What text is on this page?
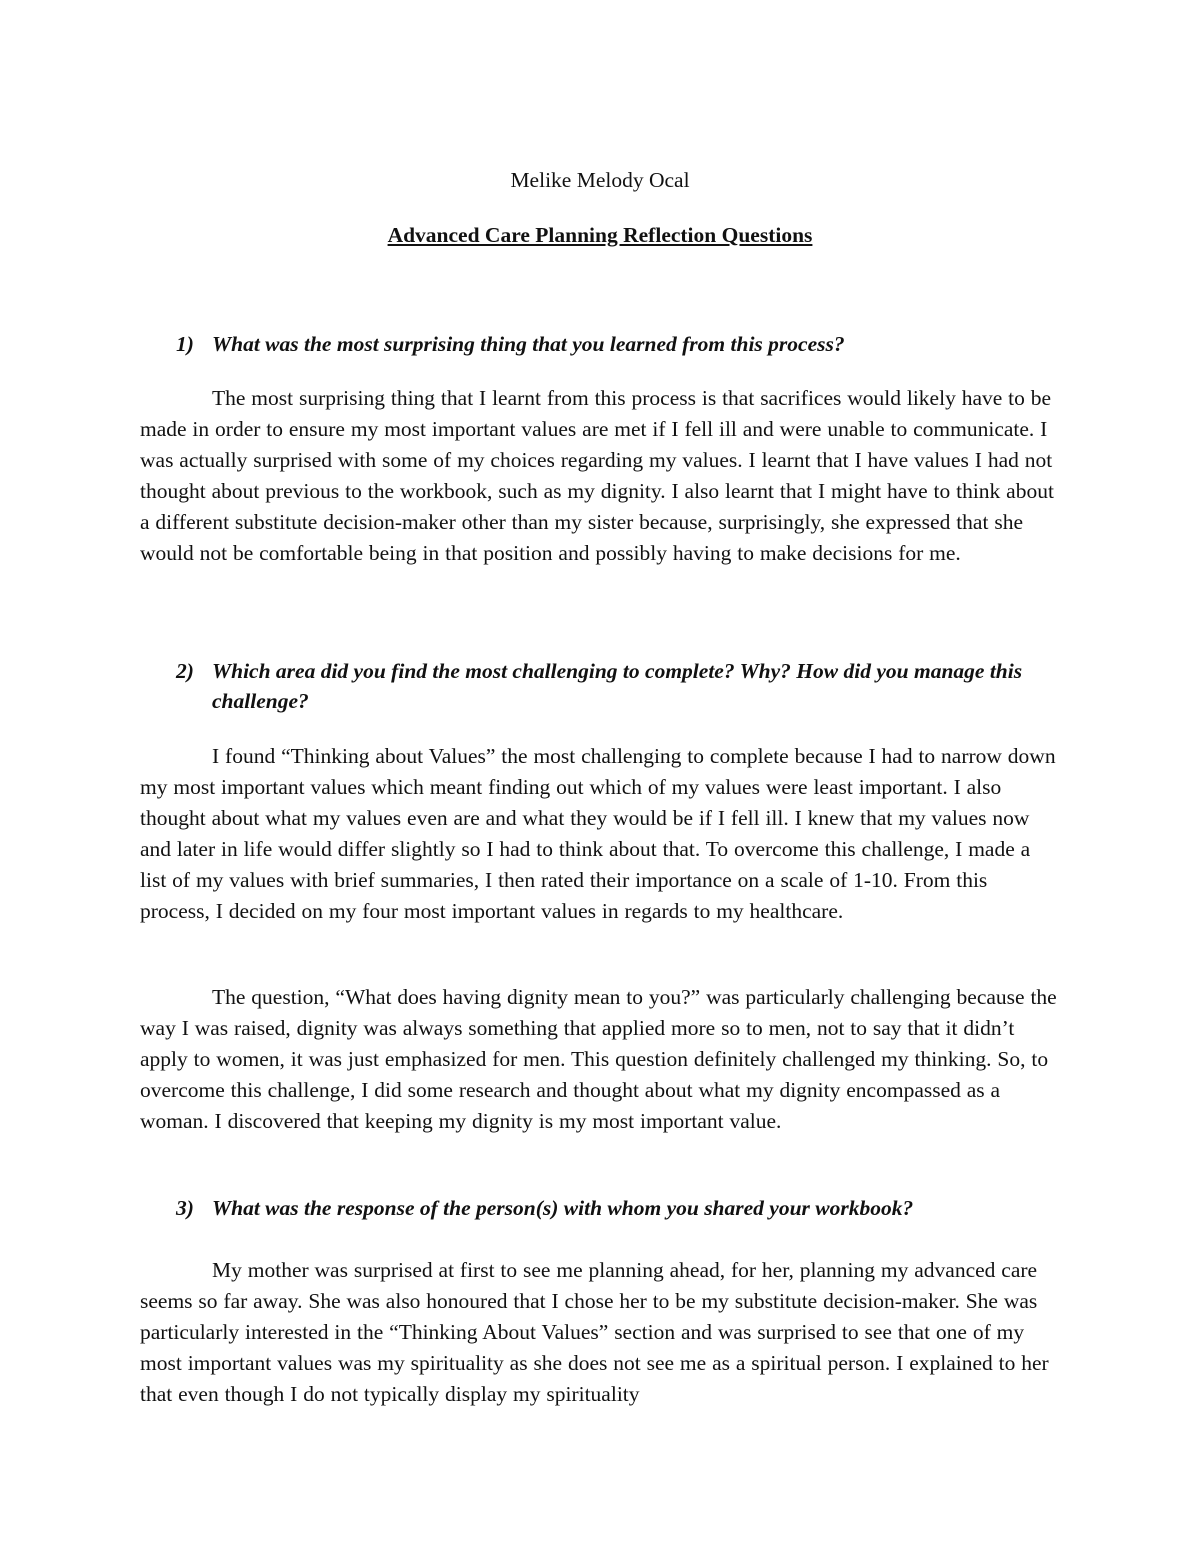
Melike Melody Ocal
Advanced Care Planning Reflection Questions
1) What was the most surprising thing that you learned from this process?

The most surprising thing that I learnt from this process is that sacrifices would likely have to be made in order to ensure my most important values are met if I fell ill and were unable to communicate. I was actually surprised with some of my choices regarding my values. I learnt that I have values I had not thought about previous to the workbook, such as my dignity. I also learnt that I might have to think about a different substitute decision-maker other than my sister because, surprisingly, she expressed that she would not be comfortable being in that position and possibly having to make decisions for me.

2) Which area did you find the most challenging to complete? Why? How did you manage this challenge?

I found “Thinking about Values” the most challenging to complete because I had to narrow down my most important values which meant finding out which of my values were least important. I also thought about what my values even are and what they would be if I fell ill. I knew that my values now and later in life would differ slightly so I had to think about that. To overcome this challenge, I made a list of my values with brief summaries, I then rated their importance on a scale of 1-10. From this process, I decided on my four most important values in regards to my healthcare.

The question, “What does having dignity mean to you?” was particularly challenging because the way I was raised, dignity was always something that applied more so to men, not to say that it didn’t apply to women, it was just emphasized for men. This question definitely challenged my thinking. So, to overcome this challenge, I did some research and thought about what my dignity encompassed as a woman. I discovered that keeping my dignity is my most important value.

3) What was the response of the person(s) with whom you shared your workbook?

My mother was surprised at first to see me planning ahead, for her, planning my advanced care seems so far away. She was also honoured that I chose her to be my substitute decision-maker. She was particularly interested in the “Thinking About Values” section and was surprised to see that one of my most important values was my spirituality as she does not see me as a spiritual person. I explained to her that even though I do not typically display my spirituality
